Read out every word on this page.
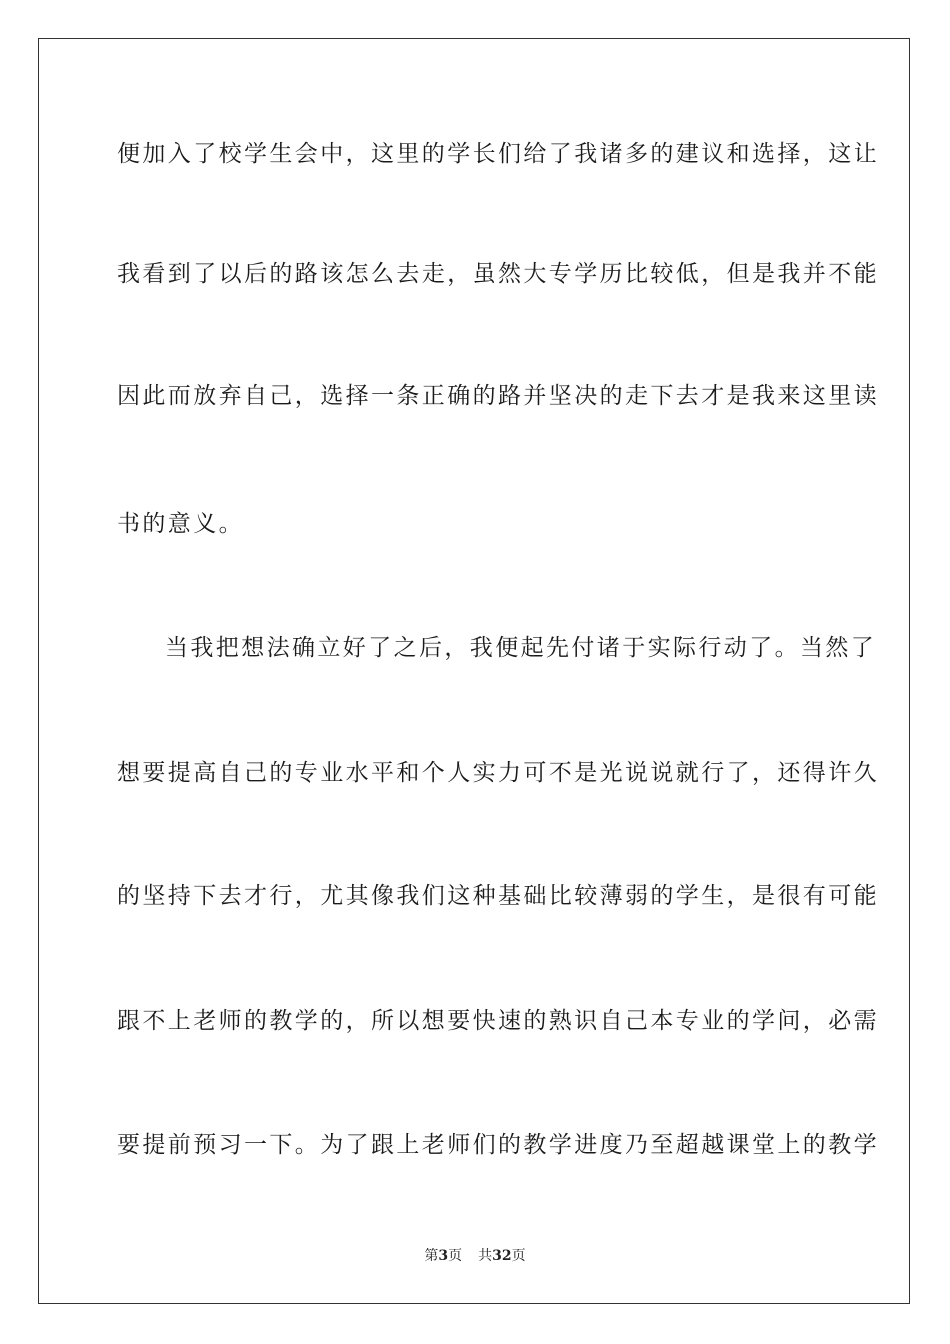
便加入了校学生会中，这里的学长们给了我诸多的建议和选择，这让
我看到了以后的路该怎么去走，虽然大专学历比较低，但是我并不能
因此而放弃自己，选择一条正确的路并坚决的走下去才是我来这里读
书的意义。
当我把想法确立好了之后，我便起先付诸于实际行动了。当然了
想要提高自己的专业水平和个人实力可不是光说说就行了，还得许久
的坚持下去才行，尤其像我们这种基础比较薄弱的学生，是很有可能
跟不上老师的教学的，所以想要快速的熟识自己本专业的学问，必需
要提前预习一下。为了跟上老师们的教学进度乃至超越课堂上的教学
第3页 共32页
